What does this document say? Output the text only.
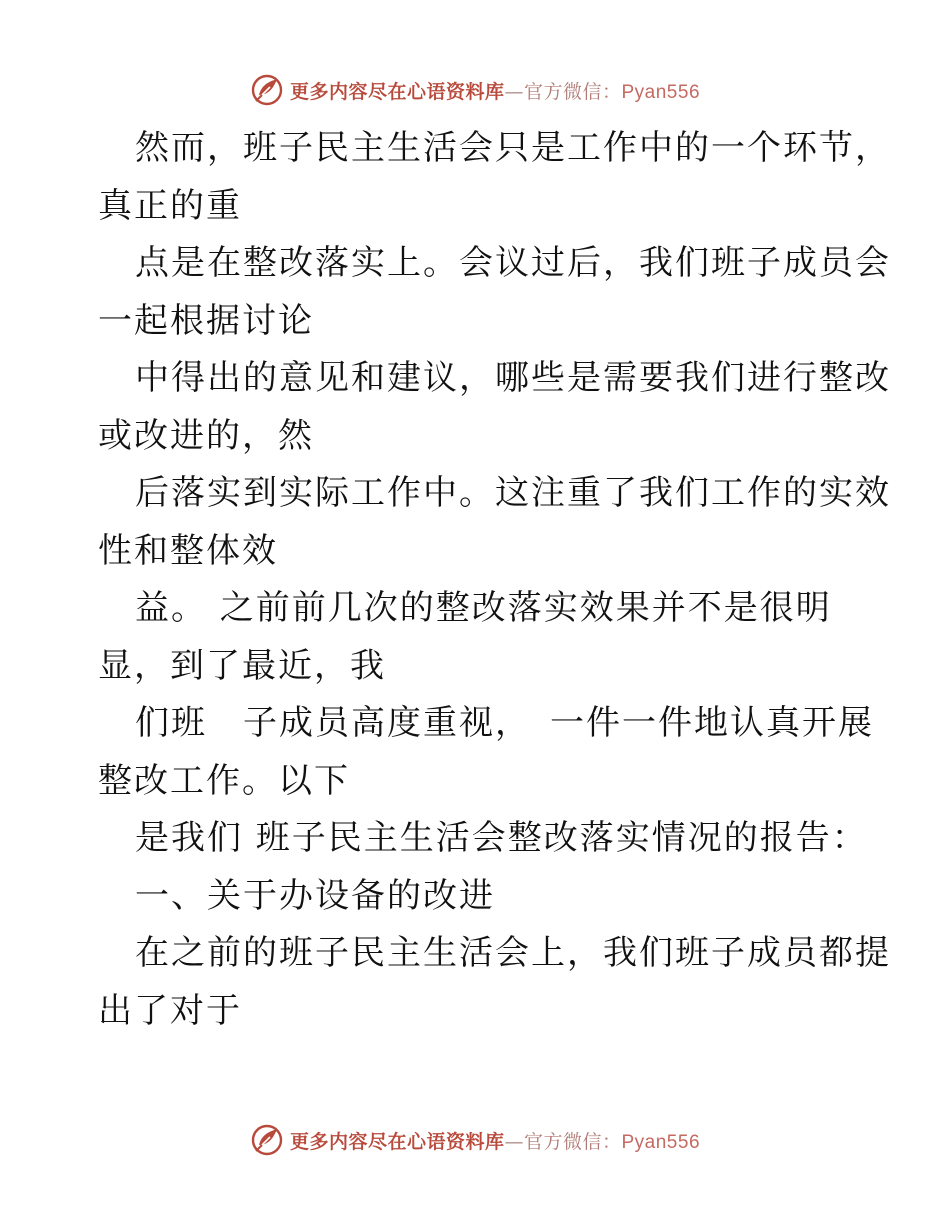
更多内容尽在心语资料库—官方微信：Pyan556
然而，班子民主生活会只是工作中的一个环节，
真正的重
点是在整改落实上。会议过后，我们班子成员会
一起根据讨论
中得出的意见和建议，哪些是需要我们进行整改
或改进的，然
后落实到实际工作中。这注重了我们工作的实效
性和整体效
益。 之前前几次的整改落实效果并不是很明
显，到了最近，我
们班　子成员高度重视，　一件一件地认真开展
整改工作。以下
是我们 班子民主生活会整改落实情况的报告：
一、关于办设备的改进
在之前的班子民主生活会上，我们班子成员都提
出了对于
更多内容尽在心语资料库—官方微信：Pyan556
